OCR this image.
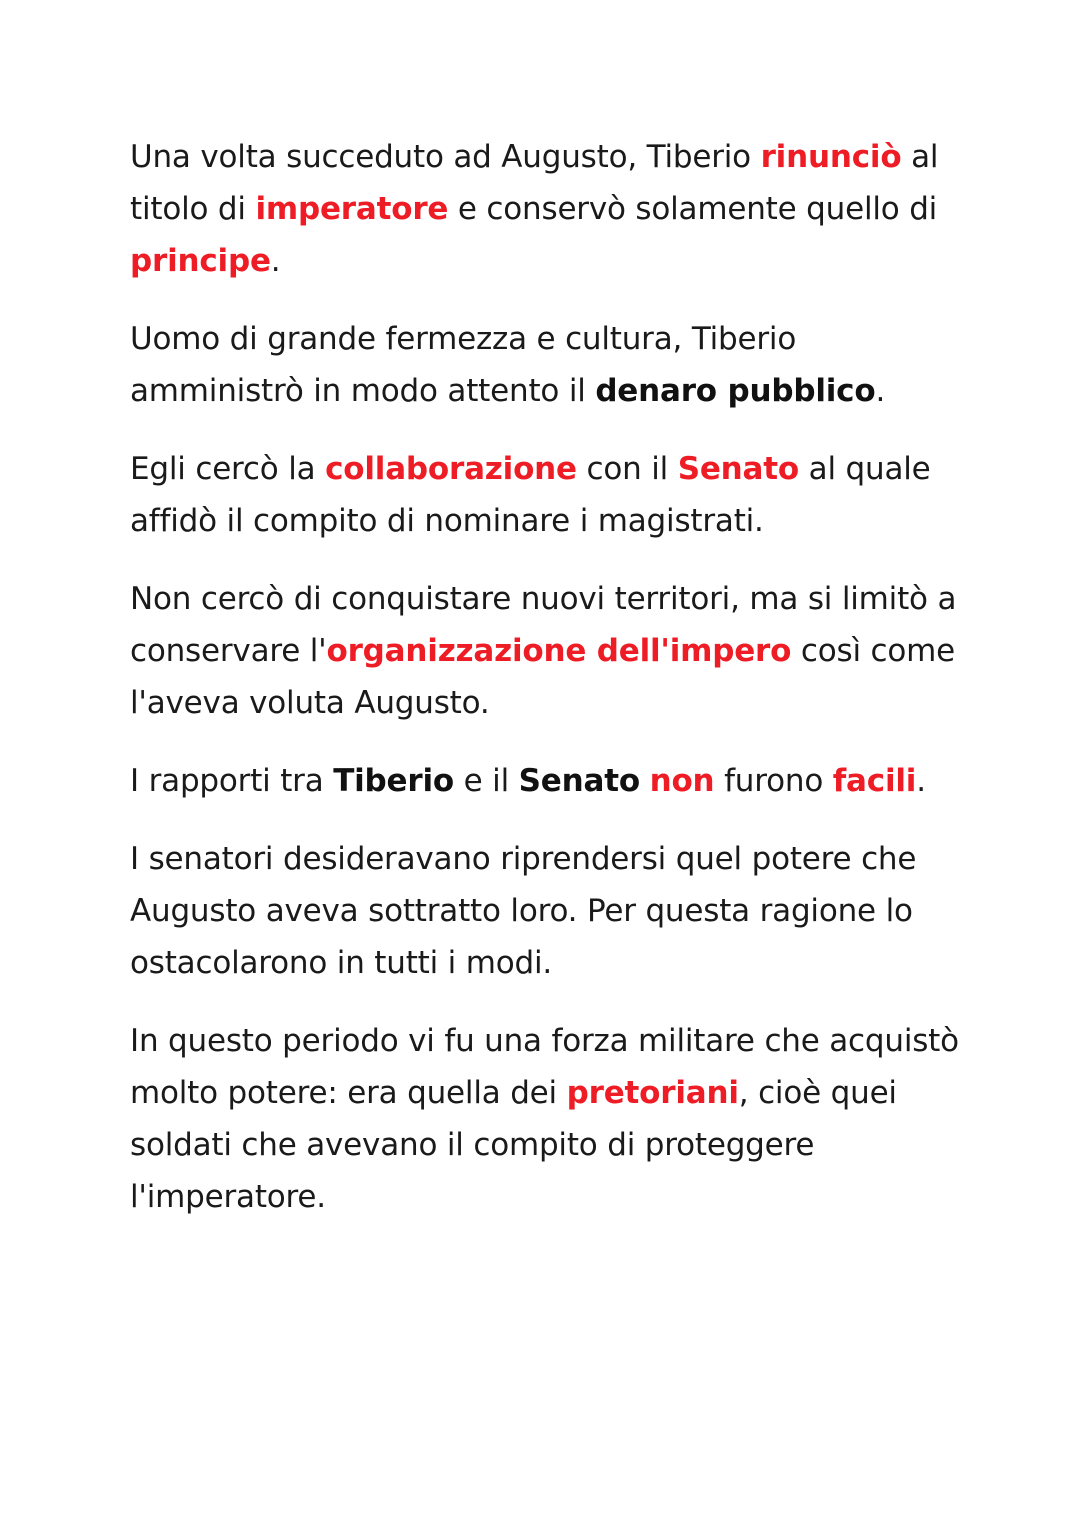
Una volta succeduto ad Augusto, Tiberio rinunciò al titolo di imperatore e conservò solamente quello di principe.

Uomo di grande fermezza e cultura, Tiberio amministrò in modo attento il denaro pubblico.

Egli cercò la collaborazione con il Senato al quale affidò il compito di nominare i magistrati.

Non cercò di conquistare nuovi territori, ma si limitò a conservare l'organizzazione dell'impero così come l'aveva voluta Augusto.

I rapporti tra Tiberio e il Senato non furono facili.

I senatori desideravano riprendersi quel potere che Augusto aveva sottratto loro. Per questa ragione lo ostacolarono in tutti i modi.

In questo periodo vi fu una forza militare che acquistò molto potere: era quella dei pretoriani, cioè quei soldati che avevano il compito di proteggere l'imperatore.
